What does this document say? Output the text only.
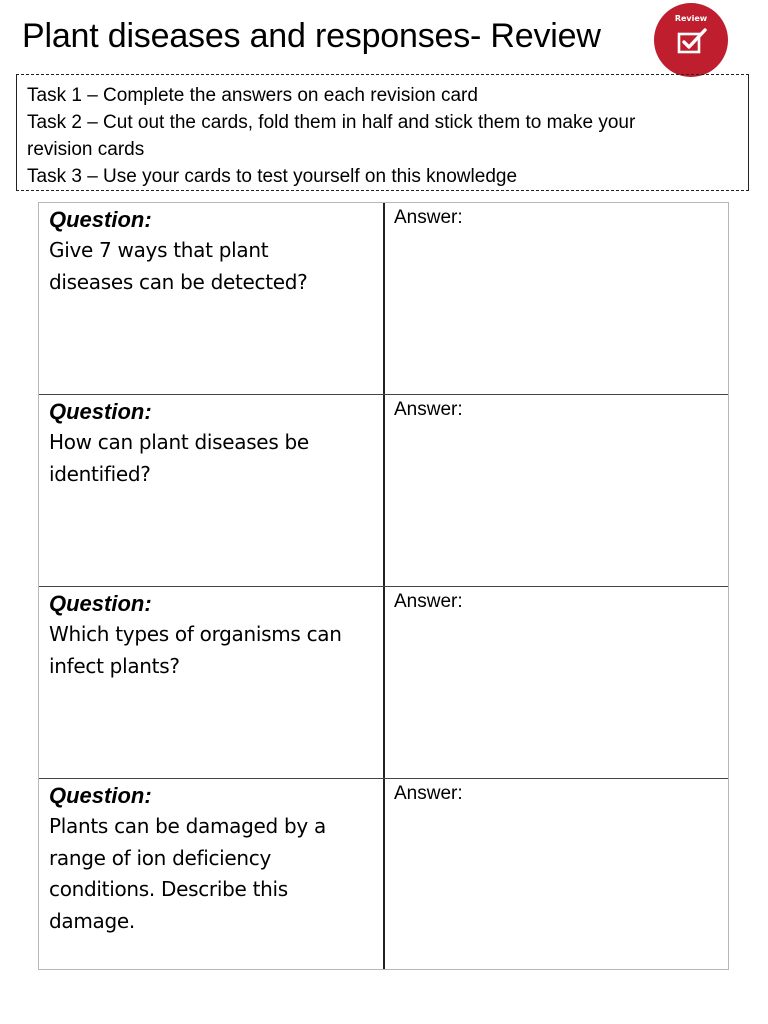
Plant diseases and responses- Review	Review
Task 1 – Complete the answers on each revision card
Task 2 – Cut out the cards, fold them in half and stick them to make your
revision cards
Task 3 – Use your cards to test yourself on this knowledge
Question:
Give 7 ways that plant
diseases can be detected?
Answer:
Question:
How can plant diseases be
identified?
Answer:
Question:
Which types of organisms can
infect plants?
Answer:
Question:
Plants can be damaged by a
range of ion deficiency
conditions. Describe this
damage.
Answer:
